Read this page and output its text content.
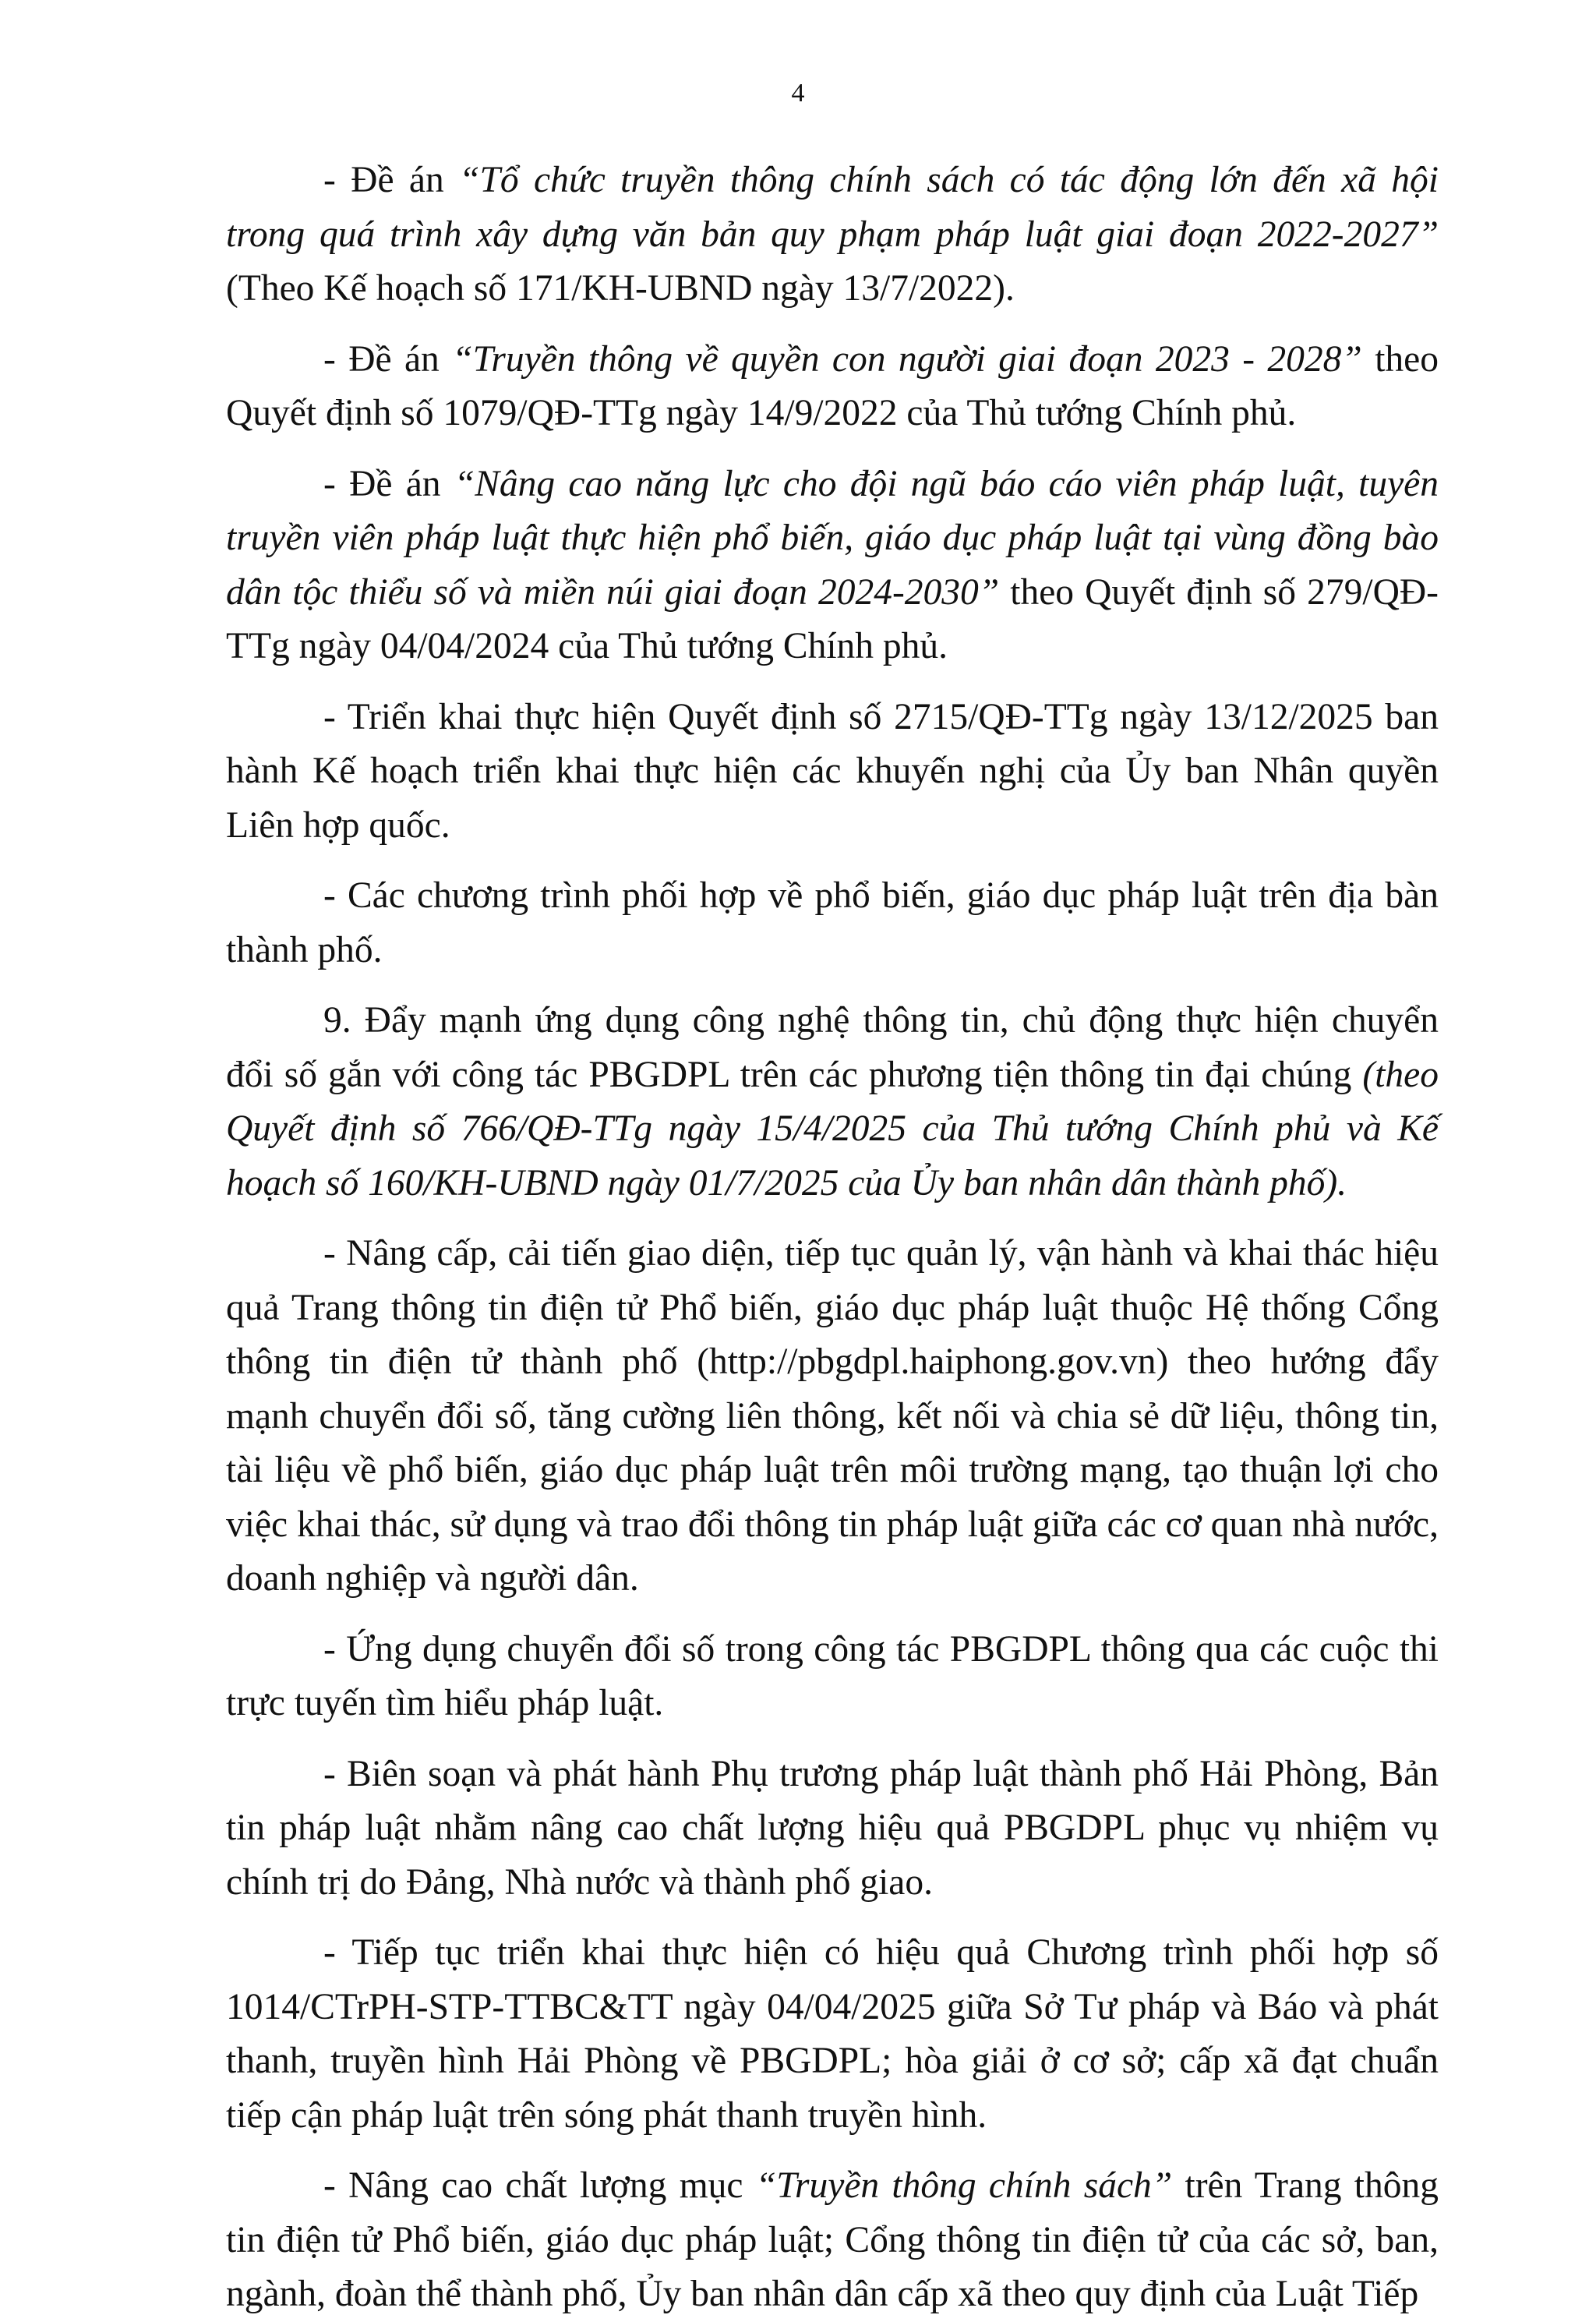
4

- Đề án “Tổ chức truyền thông chính sách có tác động lớn đến xã hội trong quá trình xây dựng văn bản quy phạm pháp luật giai đoạn 2022-2027” (Theo Kế hoạch số 171/KH-UBND ngày 13/7/2022).

- Đề án “Truyền thông về quyền con người giai đoạn 2023 - 2028” theo Quyết định số 1079/QĐ-TTg ngày 14/9/2022 của Thủ tướng Chính phủ.

- Đề án “Nâng cao năng lực cho đội ngũ báo cáo viên pháp luật, tuyên truyền viên pháp luật thực hiện phổ biến, giáo dục pháp luật tại vùng đồng bào dân tộc thiểu số và miền núi giai đoạn 2024-2030” theo Quyết định số 279/QĐ-TTg ngày 04/04/2024 của Thủ tướng Chính phủ.

- Triển khai thực hiện Quyết định số 2715/QĐ-TTg ngày 13/12/2025 ban hành Kế hoạch triển khai thực hiện các khuyến nghị của Ủy ban Nhân quyền Liên hợp quốc.

- Các chương trình phối hợp về phổ biến, giáo dục pháp luật trên địa bàn thành phố.

9. Đẩy mạnh ứng dụng công nghệ thông tin, chủ động thực hiện chuyển đổi số gắn với công tác PBGDPL trên các phương tiện thông tin đại chúng (theo Quyết định số 766/QĐ-TTg ngày 15/4/2025 của Thủ tướng Chính phủ và Kế hoạch số 160/KH-UBND ngày 01/7/2025 của Ủy ban nhân dân thành phố).

- Nâng cấp, cải tiến giao diện, tiếp tục quản lý, vận hành và khai thác hiệu quả Trang thông tin điện tử Phổ biến, giáo dục pháp luật thuộc Hệ thống Cổng thông tin điện tử thành phố (http://pbgdpl.haiphong.gov.vn) theo hướng đẩy mạnh chuyển đổi số, tăng cường liên thông, kết nối và chia sẻ dữ liệu, thông tin, tài liệu về phổ biến, giáo dục pháp luật trên môi trường mạng, tạo thuận lợi cho việc khai thác, sử dụng và trao đổi thông tin pháp luật giữa các cơ quan nhà nước, doanh nghiệp và người dân.

- Ứng dụng chuyển đổi số trong công tác PBGDPL thông qua các cuộc thi trực tuyến tìm hiểu pháp luật.

- Biên soạn và phát hành Phụ trương pháp luật thành phố Hải Phòng, Bản tin pháp luật nhằm nâng cao chất lượng hiệu quả PBGDPL phục vụ nhiệm vụ chính trị do Đảng, Nhà nước và thành phố giao.

- Tiếp tục triển khai thực hiện có hiệu quả Chương trình phối hợp số 1014/CTrPH-STP-TTBC&TT ngày 04/04/2025 giữa Sở Tư pháp và Báo và phát thanh, truyền hình Hải Phòng về PBGDPL; hòa giải ở cơ sở; cấp xã đạt chuẩn tiếp cận pháp luật trên sóng phát thanh truyền hình.

- Nâng cao chất lượng mục “Truyền thông chính sách” trên Trang thông tin điện tử Phổ biến, giáo dục pháp luật; Cổng thông tin điện tử của các sở, ban, ngành, đoàn thể thành phố, Ủy ban nhân dân cấp xã theo quy định của Luật Tiếp
